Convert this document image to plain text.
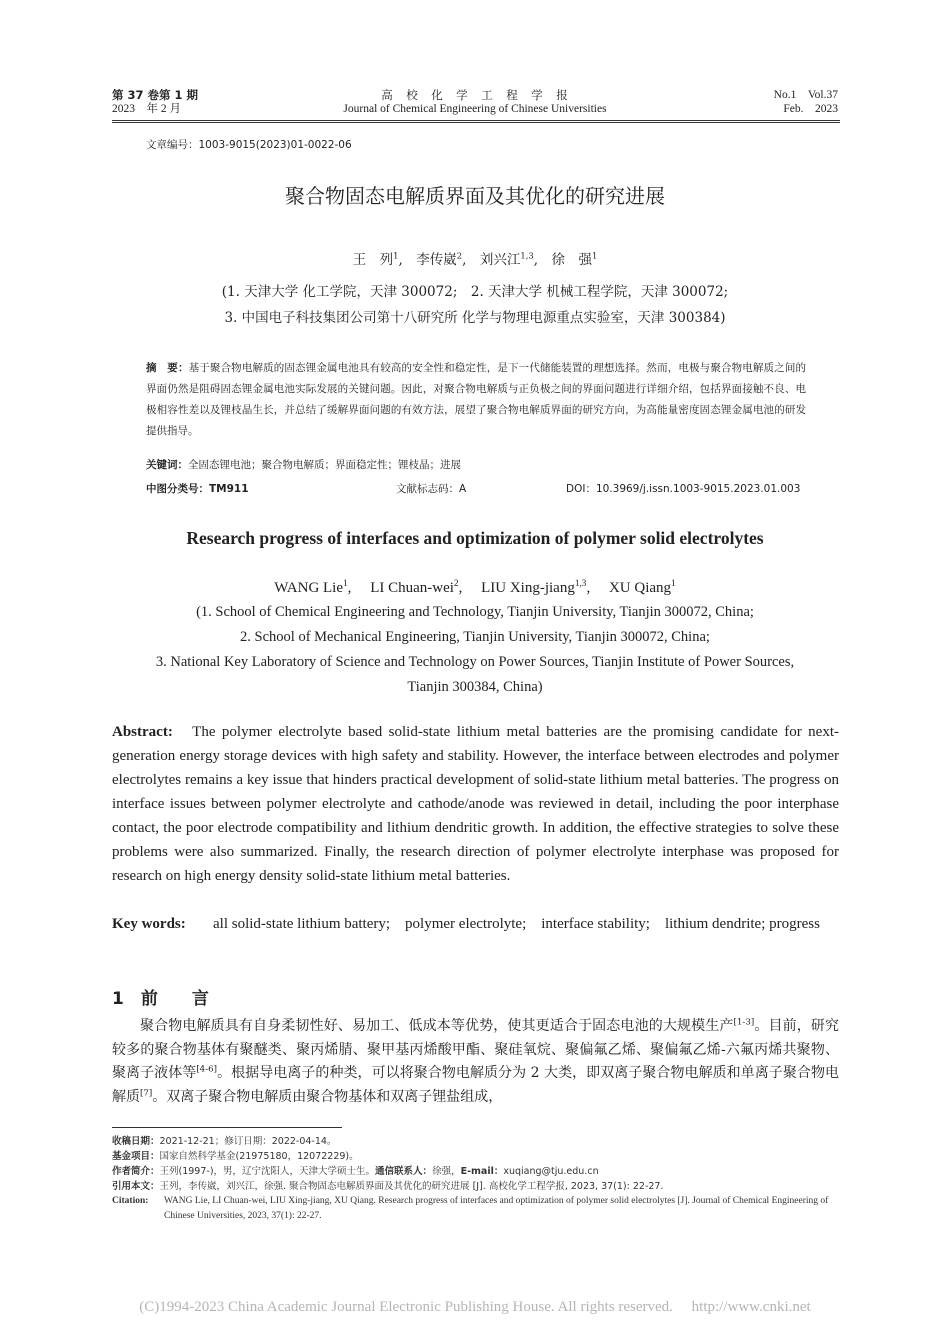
第 37 卷第 1 期
2023　年 2 月
高　校　化　学　工　程　学　报
Journal of Chemical Engineering of Chinese Universities
No.1　Vol.37
Feb.　2023
文章编号：1003-9015(2023)01-0022-06
聚合物固态电解质界面及其优化的研究进展
王　列$^1$,　李传崴$^2$,　刘兴江$^{1,3}$,　徐　强$^1$
(1. 天津大学 化工学院，天津 300072;　2. 天津大学 机械工程学院，天津 300072;
3. 中国电子科技集团公司第十八研究所 化学与物理电源重点实验室，天津 300384)
摘　要：基于聚合物电解质的固态锂金属电池具有较高的安全性和稳定性，是下一代储能装置的理想选择。然而，电极与聚合物电解质之间的界面仍然是阻碍固态锂金属电池实际发展的关键问题。因此，对聚合物电解质与正负极之间的界面问题进行详细介绍，包括界面接触不良、电极相容性差以及锂枝晶生长，并总结了缓解界面问题的有效方法，展望了聚合物电解质界面的研究方向，为高能量密度固态锂金属电池的研发提供指导。
关键词：全固态锂电池；聚合物电解质；界面稳定性；锂枝晶；进展
中图分类号：TM911	文献标志码：A	DOI：10.3969/j.issn.1003-9015.2023.01.003
Research progress of interfaces and optimization of polymer solid electrolytes
WANG Lie$^1$,　 LI Chuan-wei$^2$,　 LIU Xing-jiang$^{1,3}$,　 XU Qiang$^1$
(1. School of Chemical Engineering and Technology, Tianjin University, Tianjin 300072, China;
2. School of Mechanical Engineering, Tianjin University, Tianjin 300072, China;
3. National Key Laboratory of Science and Technology on Power Sources, Tianjin Institute of Power Sources,
Tianjin 300384, China)
Abstract: The polymer electrolyte based solid-state lithium metal batteries are the promising candidate for next-generation energy storage devices with high safety and stability. However, the interface between electrodes and polymer electrolytes remains a key issue that hinders practical development of solid-state lithium metal batteries. The progress on interface issues between polymer electrolyte and cathode/anode was reviewed in detail, including the poor interphase contact, the poor electrode compatibility and lithium dendritic growth. In addition, the effective strategies to solve these problems were also summarized. Finally, the research direction of polymer electrolyte interphase was proposed for research on high energy density solid-state lithium metal batteries.
Key words: all solid-state lithium battery;　polymer electrolyte;　interface stability;　lithium dendrite; progress
1　前　　言
聚合物电解质具有自身柔韧性好、易加工、低成本等优势，使其更适合于固态电池的大规模生产[1-3]。目前，研究较多的聚合物基体有聚醚类、聚丙烯腈、聚甲基丙烯酸甲酯、聚硅氧烷、聚偏氟乙烯、聚偏氟乙烯-六氟丙烯共聚物、聚离子液体等[4-6]。根据导电离子的种类，可以将聚合物电解质分为 2 大类，即双离子聚合物电解质和单离子聚合物电解质[7]。双离子聚合物电解质由聚合物基体和双离子锂盐组成，
收稿日期：2021-12-21；修订日期：2022-04-14。
基金项目：国家自然科学基金(21975180，12072229)。
作者简介：王列(1997-)，男，辽宁沈阳人，天津大学硕士生。通信联系人：徐强，E-mail：xuqiang@tju.edu.cn
引用本文：王列，李传崴，刘兴江，徐强. 聚合物固态电解质界面及其优化的研究进展 [J]. 高校化学工程学报, 2023, 37(1): 22-27.
Citation:	WANG Lie, LI Chuan-wei, LIU Xing-jiang, XU Qiang. Research progress of interfaces and optimization of polymer solid electrolytes [J]. Journal of Chemical Engineering of Chinese Universities, 2023, 37(1): 22-27.
(C)1994-2023 China Academic Journal Electronic Publishing House. All rights reserved.　 http://www.cnki.net
